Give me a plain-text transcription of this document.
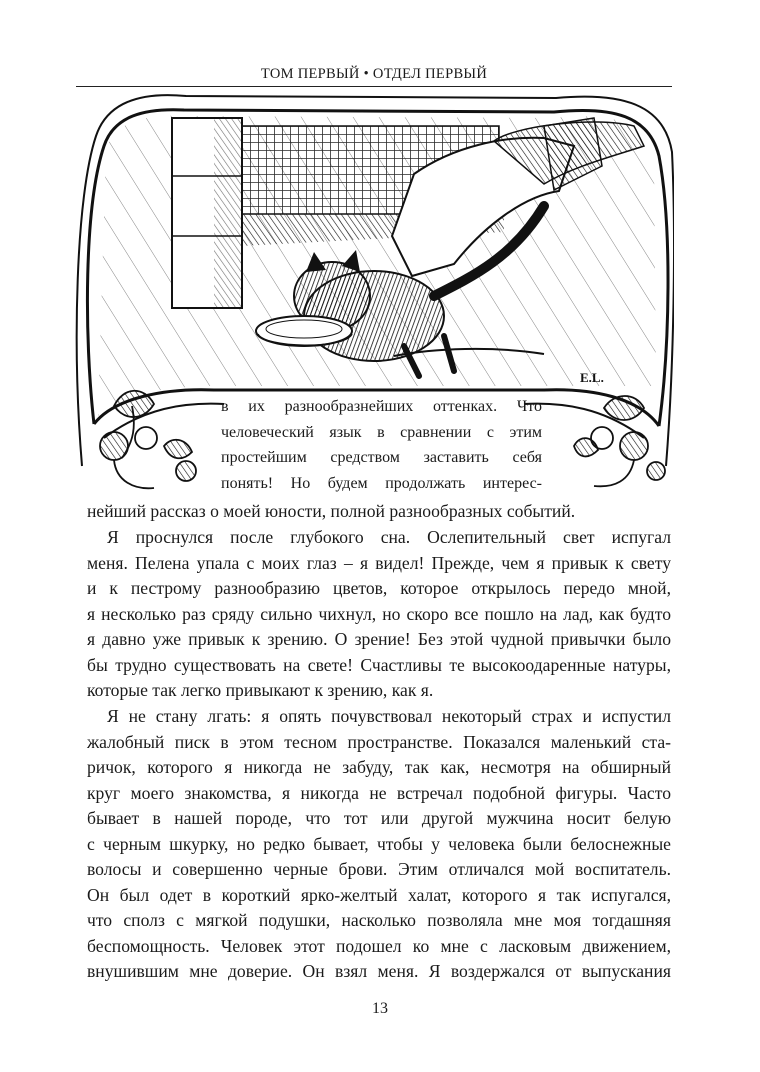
ТОМ ПЕРВЫЙ • ОТДЕЛ ПЕРВЫЙ
E.L.
в их разнообразнейших оттенках. Что
человеческий язык в сравнении с этим
простейшим средством заставить себя
понять! Но будем продолжать интерес-
нейший рассказ о моей юности, полной разнообразных событий.
Я проснулся после глубокого сна. Ослепительный свет испугал
меня. Пелена упала с моих глаз – я видел! Прежде, чем я привык к свету
и к пестрому разнообразию цветов, которое открылось передо мной,
я несколько раз сряду сильно чихнул, но скоро все пошло на лад, как будто
я давно уже привык к зрению. О зрение! Без этой чудной привычки было
бы трудно существовать на свете! Счастливы те высокоодаренные натуры,
которые так легко привыкают к зрению, как я.
Я не стану лгать: я опять почувствовал некоторый страх и испустил
жалобный писк в этом тесном пространстве. Показался маленький ста-
ричок, которого я никогда не забуду, так как, несмотря на обширный
круг моего знакомства, я никогда не встречал подобной фигуры. Часто
бывает в нашей породе, что тот или другой мужчина носит белую
с черным шкурку, но редко бывает, чтобы у человека были белоснежные
волосы и совершенно черные брови. Этим отличался мой воспитатель.
Он был одет в короткий ярко-желтый халат, которого я так испугался,
что сполз с мягкой подушки, насколько позволяла мне моя тогдашняя
беспомощность. Человек этот подошел ко мне с ласковым движением,
внушившим мне доверие. Он взял меня. Я воздержался от выпускания
13
